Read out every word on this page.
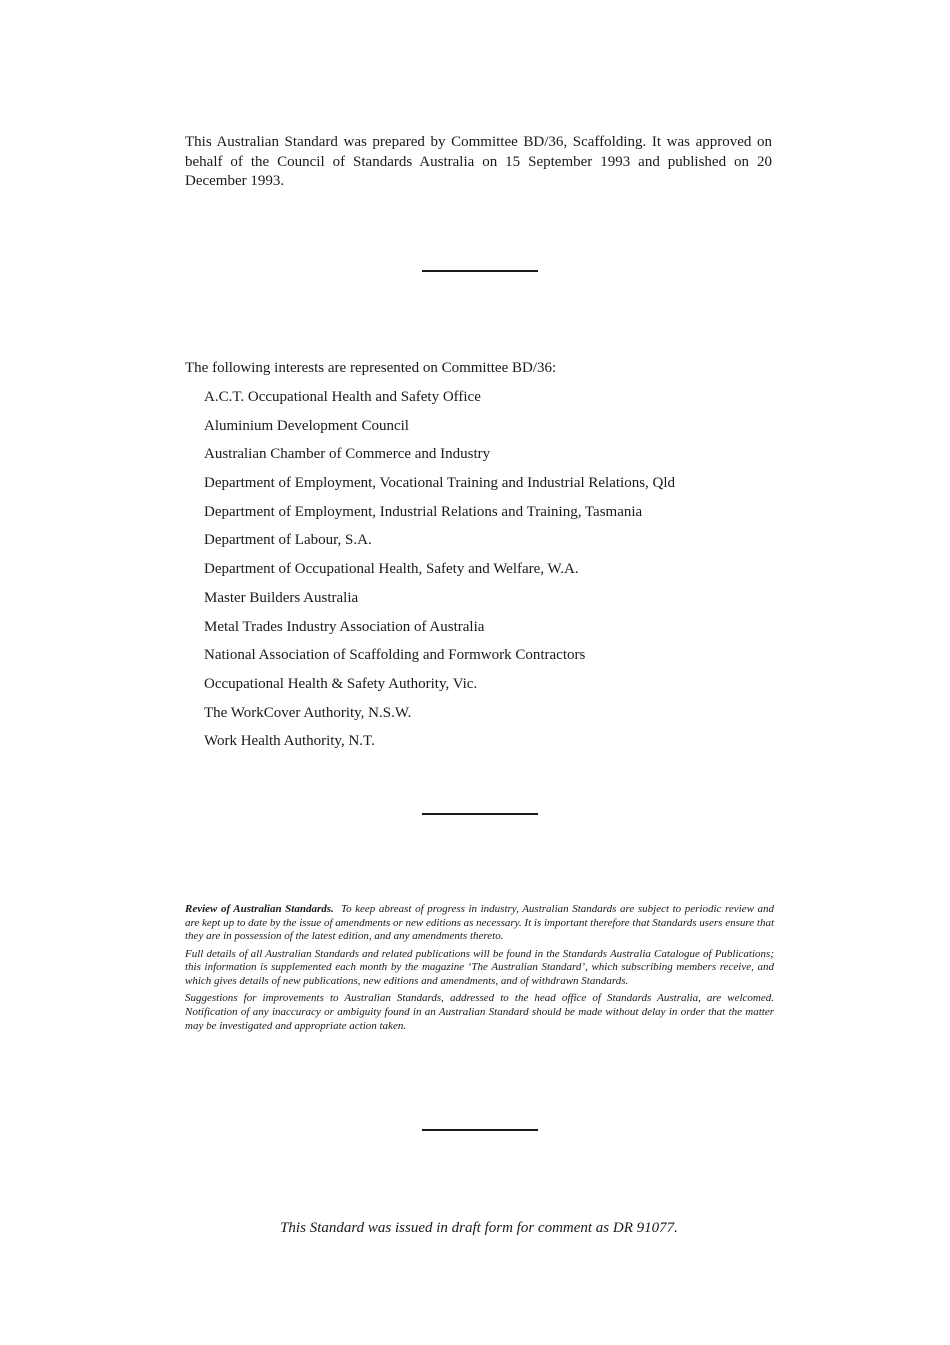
This Australian Standard was prepared by Committee BD/36, Scaffolding. It was approved on behalf of the Council of Standards Australia on 15 September 1993 and published on 20 December 1993.

The following interests are represented on Committee BD/36:

A.C.T. Occupational Health and Safety Office
Aluminium Development Council
Australian Chamber of Commerce and Industry
Department of Employment, Vocational Training and Industrial Relations, Qld
Department of Employment, Industrial Relations and Training, Tasmania
Department of Labour, S.A.
Department of Occupational Health, Safety and Welfare, W.A.
Master Builders Australia
Metal Trades Industry Association of Australia
National Association of Scaffolding and Formwork Contractors
Occupational Health & Safety Authority, Vic.
The WorkCover Authority, N.S.W.
Work Health Authority, N.T.

Review of Australian Standards. To keep abreast of progress in industry, Australian Standards are subject to periodic review and are kept up to date by the issue of amendments or new editions as necessary. It is important therefore that Standards users ensure that they are in possession of the latest edition, and any amendments thereto.

Full details of all Australian Standards and related publications will be found in the Standards Australia Catalogue of Publications; this information is supplemented each month by the magazine ‘The Australian Standard’, which subscribing members receive, and which gives details of new publications, new editions and amendments, and of withdrawn Standards.

Suggestions for improvements to Australian Standards, addressed to the head office of Standards Australia, are welcomed. Notification of any inaccuracy or ambiguity found in an Australian Standard should be made without delay in order that the matter may be investigated and appropriate action taken.

This Standard was issued in draft form for comment as DR 91077.
